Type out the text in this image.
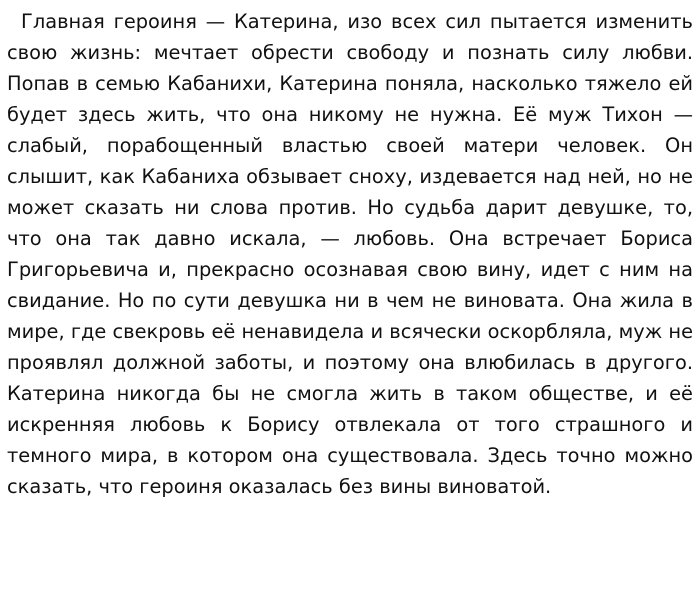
Главная героиня — Катерина, изо всех сил пытается изменить свою жизнь: мечтает обрести свободу и познать силу любви. Попав в семью Кабанихи, Катерина поняла, насколько тяжело ей будет здесь жить, что она никому не нужна. Её муж Тихон — слабый, порабощенный властью своей матери человек. Он слышит, как Кабаниха обзывает сноху, издевается над ней, но не может сказать ни слова против. Но судьба дарит девушке, то, что она так давно искала, — любовь. Она встречает Бориса Григорьевича и, прекрасно осознавая свою вину, идет с ним на свидание. Но по сути девушка ни в чем не виновата. Она жила в мире, где свекровь её ненавидела и всячески оскорбляла, муж не проявлял должной заботы, и поэтому она влюбилась в другого. Катерина никогда бы не смогла жить в таком обществе, и её искренняя любовь к Борису отвлекала от того страшного и темного мира, в котором она существовала. Здесь точно можно сказать, что героиня оказалась без вины виноватой.
